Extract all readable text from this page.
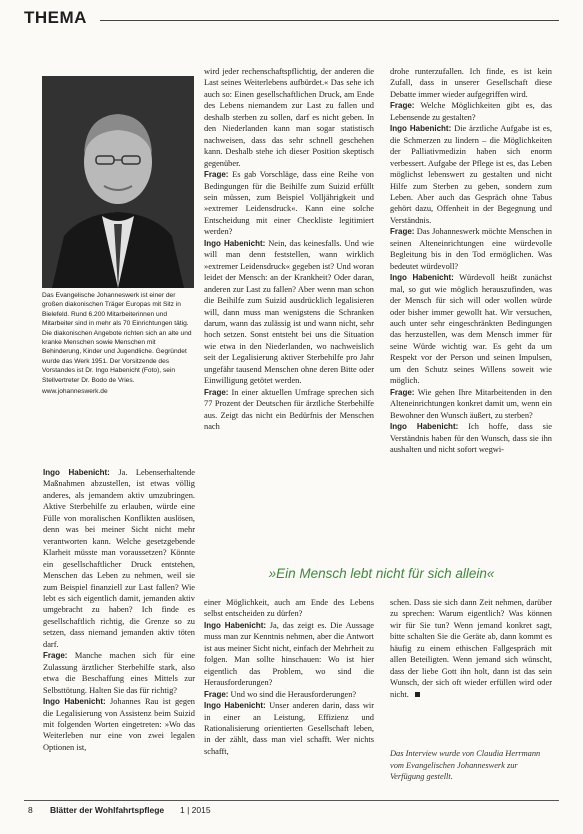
THEMA
Das Evangelische Johanneswerk ist einer der großen diakonischen Träger Europas mit Sitz in Bielefeld. Rund 6.200 Mitarbeiterinnen und Mitarbeiter sind in mehr als 70 Einrichtungen tätig. Die diakonischen Angebote richten sich an alte und kranke Menschen sowie Menschen mit Behinderung, Kinder und Jugendliche. Gegründet wurde das Werk 1951. Der Vorsitzende des Vorstandes ist Dr. Ingo Habenicht (Foto), sein Stellvertreter Dr. Bodo de Vries.
www.johanneswerk.de

Ingo Habenicht: Ja. Lebenserhaltende Maßnahmen abzustellen, ist etwas völlig anderes, als jemandem aktiv umzubringen. Aktive Sterbehilfe zu erlauben, würde eine Fülle von moralischen Konflikten auslösen, denn was bei meiner Sicht nicht mehr verantworten kann. Welche gesetzgebende Klarheit müsste man voraussetzen? Könnte ein gesellschaftlicher Druck entstehen, Menschen das Leben zu nehmen, weil sie zum Beispiel finanziell zur Last fallen? Wie lebt es sich eigentlich damit, jemanden aktiv umgebracht zu haben? Ich finde es gesellschaftlich richtig, die Grenze so zu setzen, dass niemand jemanden aktiv töten darf.

Frage: Manche machen sich für eine Zulassung ärztlicher Sterbehilfe stark, also etwa die Beschaffung eines Mittels zur Selbsttötung. Halten Sie das für richtig?

Ingo Habenicht: Johannes Rau ist gegen die Legalisierung von Assistenz beim Suizid mit folgenden Worten eingetreten: »Wo das Weiterleben nur eine von zwei legalen Optionen ist,

wird jeder rechenschaftspflichtig, der anderen die Last seines Weiterlebens aufbürdet.« Das sehe ich auch so: Einen gesellschaftlichen Druck, am Ende des Lebens niemandem zur Last zu fallen und deshalb sterben zu sollen, darf es nicht geben. In den Niederlanden kann man sogar statistisch nachweisen, dass das sehr schnell geschehen kann. Deshalb stehe ich dieser Position skeptisch gegenüber.

Frage: Es gab Vorschläge, dass eine Reihe von Bedingungen für die Beihilfe zum Suizid erfüllt sein müssen, zum Beispiel Volljährigkeit und »extremer Leidensdruck«. Kann eine solche Entscheidung mit einer Checkliste legitimiert werden?

Ingo Habenicht: Nein, das keinesfalls. Und wie will man denn feststellen, wann wirklich »extremer Leidensdruck« gegeben ist? Und woran leidet der Mensch: an der Krankheit? Oder daran, anderen zur Last zu fallen? Aber wenn man schon die Beihilfe zum Suizid ausdrücklich legalisieren will, dann muss man wenigstens die Schranken darum, wann das zulässig ist und wann nicht, sehr hoch setzen. Sonst entsteht bei uns die Situation wie etwa in den Niederlanden, wo nachweislich seit der Legalisierung aktiver Sterbehilfe pro Jahr ungefähr tausend Menschen ohne deren Bitte oder Einwilligung getötet werden.

Frage: In einer aktuellen Umfrage sprechen sich 77 Prozent der Deutschen für ärztliche Sterbehilfe aus. Zeigt das nicht ein Bedürfnis der Menschen nach

drohe runterzufallen. Ich finde, es ist kein Zufall, dass in unserer Gesellschaft diese Debatte immer wieder aufgegriffen wird.

Frage: Welche Möglichkeiten gibt es, das Lebensende zu gestalten?

Ingo Habenicht: Die ärztliche Aufgabe ist es, die Schmerzen zu lindern – die Möglichkeiten der Palliativmedizin haben sich enorm verbessert. Aufgabe der Pflege ist es, das Leben möglichst lebenswert zu gestalten und nicht Hilfe zum Sterben zu geben, sondern zum Leben. Aber auch das Gespräch ohne Tabus gehört dazu, Offenheit in der Begegnung und Verständnis.

Frage: Das Johanneswerk möchte Menschen in seinen Alteneinrichtungen eine würdevolle Begleitung bis in den Tod ermöglichen. Was bedeutet würdevoll?

Ingo Habenicht: Würdevoll heißt zunächst mal, so gut wie möglich herauszufinden, was der Mensch für sich will oder wollen würde oder bisher immer gewollt hat. Wir versuchen, auch unter sehr eingeschränkten Bedingungen das herzustellen, was dem Mensch immer für seine Würde wichtig war. Es geht da um Respekt vor der Person und seinen Impulsen, um den Schutz seines Willens soweit wie möglich.

Frage: Wie gehen Ihre Mitarbeitenden in den Alteneinrichtungen konkret damit um, wenn ein Bewohner den Wunsch äußert, zu sterben?

Ingo Habenicht: Ich hoffe, dass sie Verständnis haben für den Wunsch, dass sie ihn aushalten und nicht sofort wegwi-

»Ein Mensch lebt nicht für sich allein«

einer Möglichkeit, auch am Ende des Lebens selbst entscheiden zu dürfen?

Ingo Habenicht: Ja, das zeigt es. Die Aussage muss man zur Kenntnis nehmen, aber die Antwort ist aus meiner Sicht nicht, einfach der Mehrheit zu folgen. Man sollte hinschauen: Wo ist hier eigentlich das Problem, wo sind die Herausforderungen?

Frage: Und wo sind die Herausforderungen?

Ingo Habenicht: Unser anderen darin, dass wir in einer an Leistung, Effizienz und Rationalisierung orientierten Gesellschaft leben, in der zählt, dass man viel schafft. Wer nichts schafft,

schen. Dass sie sich dann Zeit nehmen, darüber zu sprechen: Warum eigentlich? Was können wir für Sie tun? Wenn jemand konkret sagt, bitte schalten Sie die Geräte ab, dann kommt es häufig zu einem ethischen Fallgespräch mit allen Beteiligten. Wenn jemand sich wünscht, dass der liebe Gott ihn holt, dann ist das sein Wunsch, der sich oft wieder erfüllen wird oder nicht.

Das Interview wurde von Claudia Herrmann vom Evangelischen Johanneswerk zur Verfügung gestellt.
8 Blätter der Wohlfahrtspflege 1 | 2015
